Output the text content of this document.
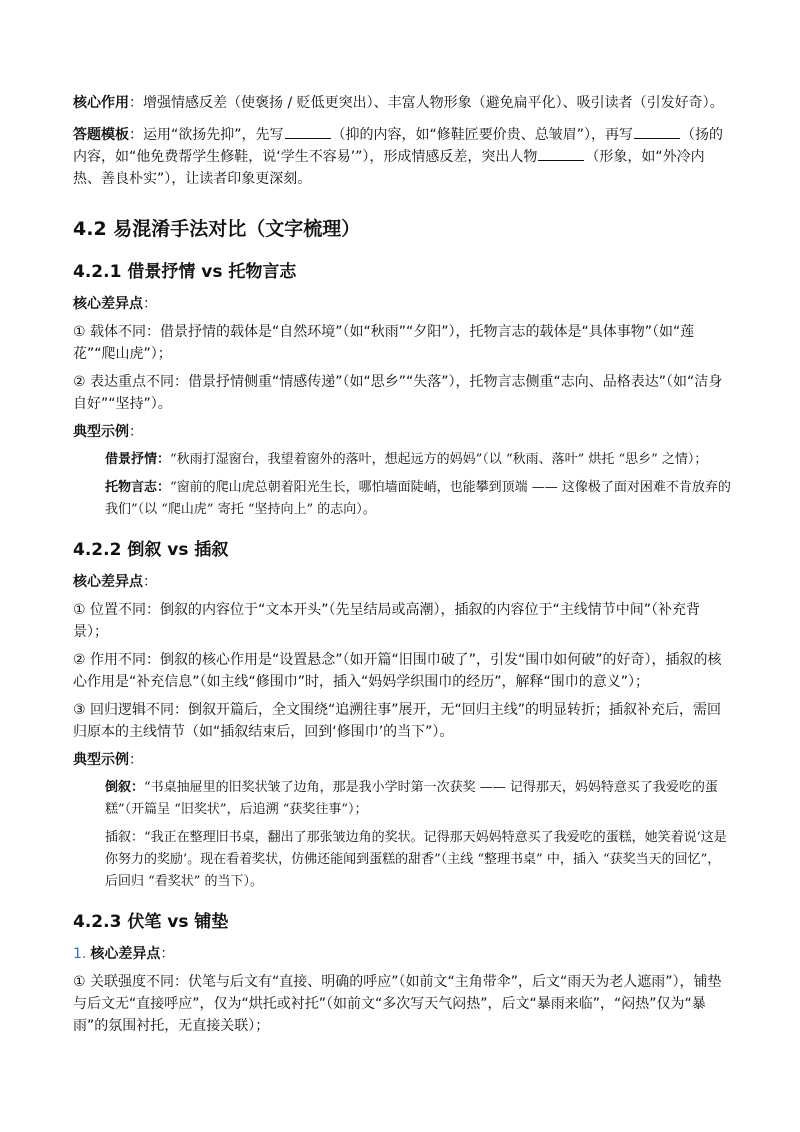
核心作用：增强情感反差（使褒扬 / 贬低更突出）、丰富人物形象（避免扁平化）、吸引读者（引发好奇）。

答题模板：运用“欲扬先抑”，先写	（抑的内容，如“修鞋匠要价贵、总皱眉”），再写	（扬的内容，如“他免费帮学生修鞋，说‘学生不容易’”），形成情感反差，突出人物	（形象，如“外冷内热、善良朴实”），让读者印象更深刻。

4.2 易混淆手法对比（文字梳理）
4.2.1 借景抒情 vs 托物言志

核心差异点：

① 载体不同：借景抒情的载体是“自然环境”（如“秋雨”“夕阳”），托物言志的载体是“具体事物”（如“莲花”“爬山虎”）；

② 表达重点不同：借景抒情侧重“情感传递”（如“思乡”“失落”），托物言志侧重“志向、品格表达”（如“洁身自好”“坚持”）。

典型示例：

借景抒情：“秋雨打湿窗台，我望着窗外的落叶，想起远方的妈妈”（以 “秋雨、落叶” 烘托 “思乡” 之情）；

托物言志：“窗前的爬山虎总朝着阳光生长，哪怕墙面陡峭，也能攀到顶端 —— 这像极了面对困难不肯放弃的我们”（以 “爬山虎” 寄托 “坚持向上” 的志向）。

4.2.2 倒叙 vs 插叙

核心差异点：

① 位置不同：倒叙的内容位于“文本开头”（先呈结局或高潮），插叙的内容位于“主线情节中间”（补充背景）；

② 作用不同：倒叙的核心作用是“设置悬念”（如开篇“旧围巾破了”，引发“围巾如何破”的好奇），插叙的核心作用是“补充信息”（如主线“修围巾”时，插入“妈妈学织围巾的经历”，解释“围巾的意义”）；

③ 回归逻辑不同：倒叙开篇后，全文围绕“追溯往事”展开，无“回归主线”的明显转折；插叙补充后，需回归原本的主线情节（如“插叙结束后，回到‘修围巾’的当下”）。

典型示例：

倒叙：“书桌抽屉里的旧奖状皱了边角，那是我小学时第一次获奖 —— 记得那天，妈妈特意买了我爱吃的蛋糕”（开篇呈 “旧奖状”，后追溯 “获奖往事”）；

插叙：“我正在整理旧书桌，翻出了那张皱边角的奖状。记得那天妈妈特意买了我爱吃的蛋糕，她笑着说‘这是你努力的奖励’。现在看着奖状，仿佛还能闻到蛋糕的甜香”（主线 “整理书桌” 中，插入 “获奖当天的回忆”，后回归 “看奖状” 的当下）。

4.2.3 伏笔 vs 铺垫

1. 核心差异点：

① 关联强度不同：伏笔与后文有“直接、明确的呼应”（如前文“主角带伞”，后文“雨天为老人遮雨”），铺垫与后文无“直接呼应”，仅为“烘托或衬托”（如前文“多次写天气闷热”，后文“暴雨来临”，“闷热”仅为“暴雨”的氛围衬托，无直接关联）；
